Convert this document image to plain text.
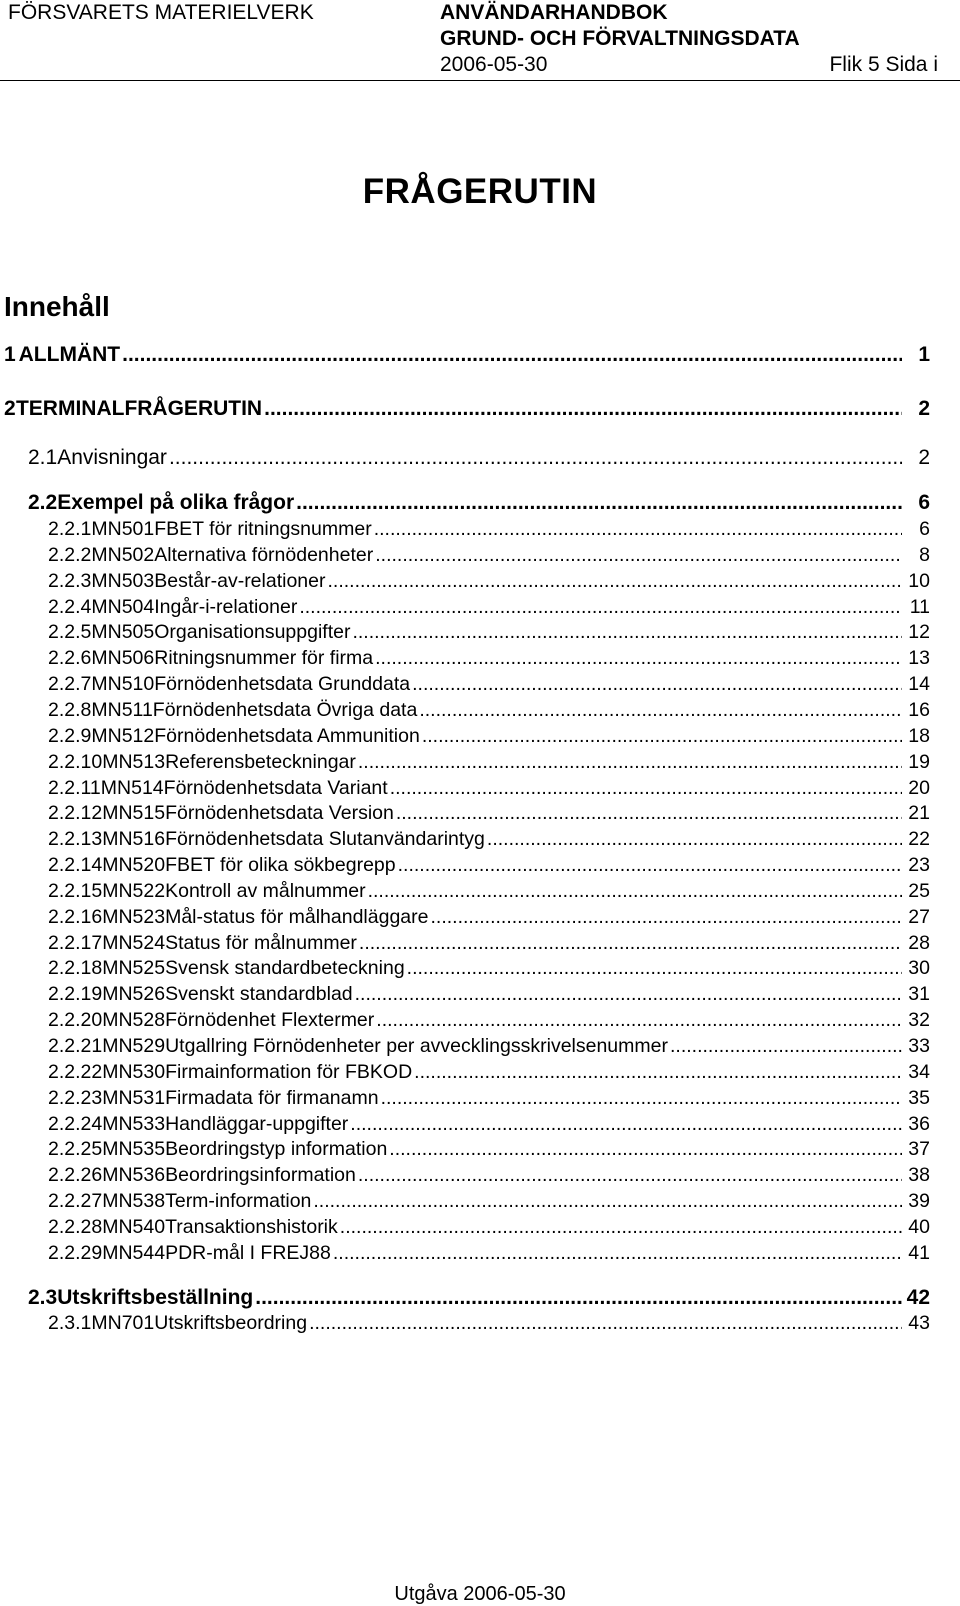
FÖRSVARETS MATERIELVERK	ANVÄNDARHANDBOK
GRUND- OCH FÖRVALTNINGSDATA
2006-05-30	Flik 5 Sida i
FRÅGERUTIN
Innehåll
1 ALLMÄNT .....	1
2 TERMINALFRÅGERUTIN .....	2
2.1 Anvisningar .....	2
2.2 Exempel på olika frågor .....	6
2.2.1 MN501 FBET för ritningsnummer .....	6
2.2.2 MN502 Alternativa förnödenheter .....	8
2.2.3 MN503 Består-av-relationer .....	10
2.2.4 MN504 Ingår-i-relationer .....	11
2.2.5 MN505 Organisationsuppgifter .....	12
2.2.6 MN506 Ritningsnummer för firma .....	13
2.2.7 MN510 Förnödenhetsdata Grunddata .....	14
2.2.8 MN511 Förnödenhetsdata Övriga data .....	16
2.2.9 MN512 Förnödenhetsdata Ammunition .....	18
2.2.10 MN513 Referensbeteckningar .....	19
2.2.11 MN514 Förnödenhetsdata Variant .....	20
2.2.12 MN515 Förnödenhetsdata Version .....	21
2.2.13 MN516 Förnödenhetsdata Slutanvändarintyg .....	22
2.2.14 MN520 FBET för olika sökbegrepp .....	23
2.2.15 MN522 Kontroll av målnummer .....	25
2.2.16 MN523 Mål-status för målhandläggare .....	27
2.2.17 MN524 Status för målnummer .....	28
2.2.18 MN525 Svensk standardbeteckning .....	30
2.2.19 MN526 Svenskt standardblad .....	31
2.2.20 MN528 Förnödenhet Flextermer .....	32
2.2.21 MN529 Utgallring Förnödenheter per avvecklingsskrivelsenummer .....	33
2.2.22 MN530 Firmainformation för FBKOD .....	34
2.2.23 MN531 Firmadata för firmanamn .....	35
2.2.24 MN533 Handläggar-uppgifter .....	36
2.2.25 MN535 Beordringstyp information .....	37
2.2.26 MN536 Beordringsinformation .....	38
2.2.27 MN538 Term-information .....	39
2.2.28 MN540 Transaktionshistorik .....	40
2.2.29 MN544 PDR-mål I FREJ88 .....	41
2.3 Utskriftsbeställning .....	42
2.3.1 MN701 Utskriftsbeordring .....	43
Utgåva 2006-05-30
